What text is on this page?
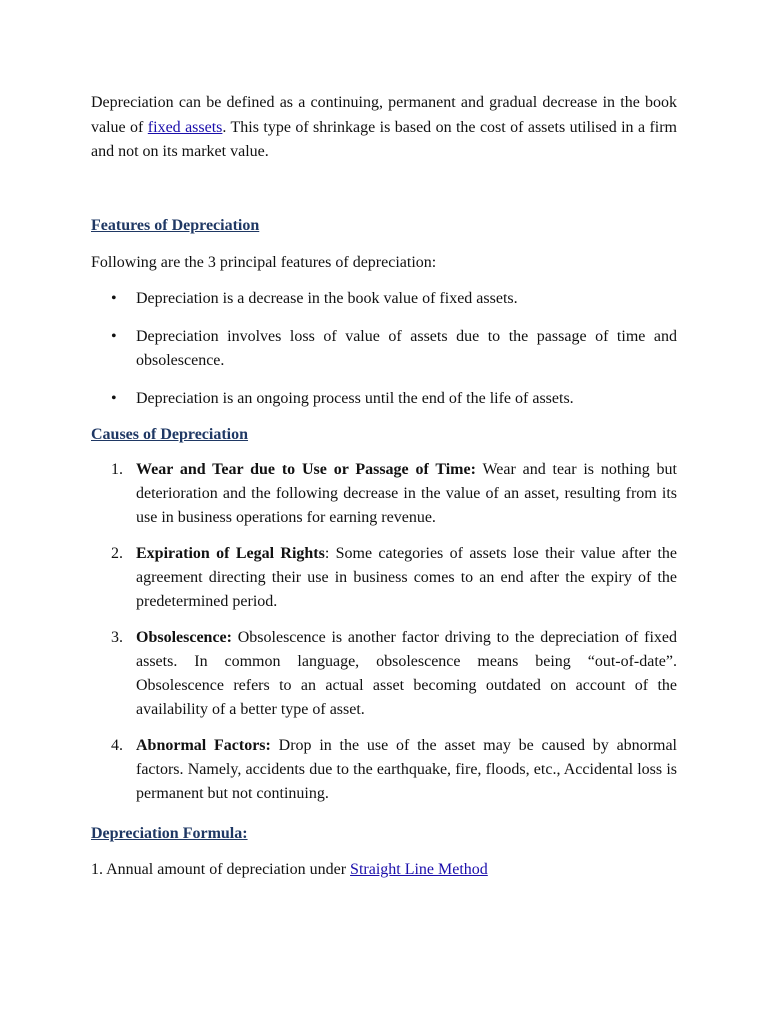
Depreciation can be defined as a continuing, permanent and gradual decrease in the book value of fixed assets. This type of shrinkage is based on the cost of assets utilised in a firm and not on its market value.

Features of Depreciation

Following are the 3 principal features of depreciation:

• Depreciation is a decrease in the book value of fixed assets.
• Depreciation involves loss of value of assets due to the passage of time and obsolescence.
• Depreciation is an ongoing process until the end of the life of assets.
Causes of Depreciation
1. Wear and Tear due to Use or Passage of Time: Wear and tear is nothing but deterioration and the following decrease in the value of an asset, resulting from its use in business operations for earning revenue.
2. Expiration of Legal Rights: Some categories of assets lose their value after the agreement directing their use in business comes to an end after the expiry of the predetermined period.
3. Obsolescence: Obsolescence is another factor driving to the depreciation of fixed assets. In common language, obsolescence means being “out-of-date”. Obsolescence refers to an actual asset becoming outdated on account of the availability of a better type of asset.
4. Abnormal Factors: Drop in the use of the asset may be caused by abnormal factors. Namely, accidents due to the earthquake, fire, floods, etc., Accidental loss is permanent but not continuing.
Depreciation Formula:

1. Annual amount of depreciation under Straight Line Method
